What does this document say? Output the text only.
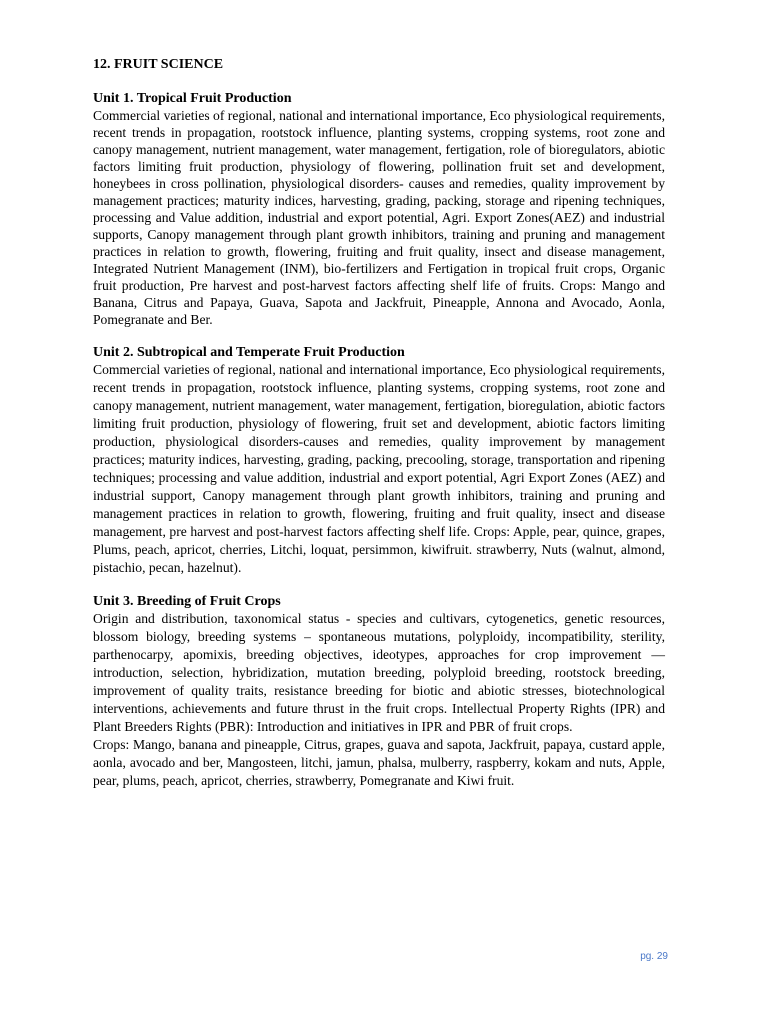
12. FRUIT SCIENCE
Unit 1. Tropical Fruit Production

Commercial varieties of regional, national and international importance, Eco physiological requirements, recent trends in propagation, rootstock influence, planting systems, cropping systems, root zone and canopy management, nutrient management, water management, fertigation, role of bioregulators, abiotic factors limiting fruit production, physiology of flowering, pollination fruit set and development, honeybees in cross pollination, physiological disorders- causes and remedies, quality improvement by management practices; maturity indices, harvesting, grading, packing, storage and ripening techniques, processing and Value addition, industrial and export potential, Agri. Export Zones(AEZ) and industrial supports, Canopy management through plant growth inhibitors, training and pruning and management practices in relation to growth, flowering, fruiting and fruit quality, insect and disease management, Integrated Nutrient Management (INM), bio-fertilizers and Fertigation in tropical fruit crops, Organic fruit production, Pre harvest and post-harvest factors affecting shelf life of fruits. Crops: Mango and Banana, Citrus and Papaya, Guava, Sapota and Jackfruit, Pineapple, Annona and Avocado, Aonla, Pomegranate and Ber.

Unit 2. Subtropical and Temperate Fruit Production

Commercial varieties of regional, national and international importance, Eco physiological requirements, recent trends in propagation, rootstock influence, planting systems, cropping systems, root zone and canopy management, nutrient management, water management, fertigation, bioregulation, abiotic factors limiting fruit production, physiology of flowering, fruit set and development, abiotic factors limiting production, physiological disorders-causes and remedies, quality improvement by management practices; maturity indices, harvesting, grading, packing, precooling, storage, transportation and ripening techniques; processing and value addition, industrial and export potential, Agri Export Zones (AEZ) and industrial support, Canopy management through plant growth inhibitors, training and pruning and management practices in relation to growth, flowering, fruiting and fruit quality, insect and disease management, pre harvest and post-harvest factors affecting shelf life. Crops: Apple, pear, quince, grapes, Plums, peach, apricot, cherries, Litchi, loquat, persimmon, kiwifruit. strawberry, Nuts (walnut, almond, pistachio, pecan, hazelnut).

Unit 3. Breeding of Fruit Crops

Origin and distribution, taxonomical status - species and cultivars, cytogenetics, genetic resources, blossom biology, breeding systems – spontaneous mutations, polyploidy, incompatibility, sterility, parthenocarpy, apomixis, breeding objectives, ideotypes, approaches for crop improvement — introduction, selection, hybridization, mutation breeding, polyploid breeding, rootstock breeding, improvement of quality traits, resistance breeding for biotic and abiotic stresses, biotechnological interventions, achievements and future thrust in the fruit crops. Intellectual Property Rights (IPR) and Plant Breeders Rights (PBR): Introduction and initiatives in IPR and PBR of fruit crops.

Crops: Mango, banana and pineapple, Citrus, grapes, guava and sapota, Jackfruit, papaya, custard apple, aonla, avocado and ber, Mangosteen, litchi, jamun, phalsa, mulberry, raspberry, kokam and nuts, Apple, pear, plums, peach, apricot, cherries, strawberry, Pomegranate and Kiwi fruit.

pg. 29
